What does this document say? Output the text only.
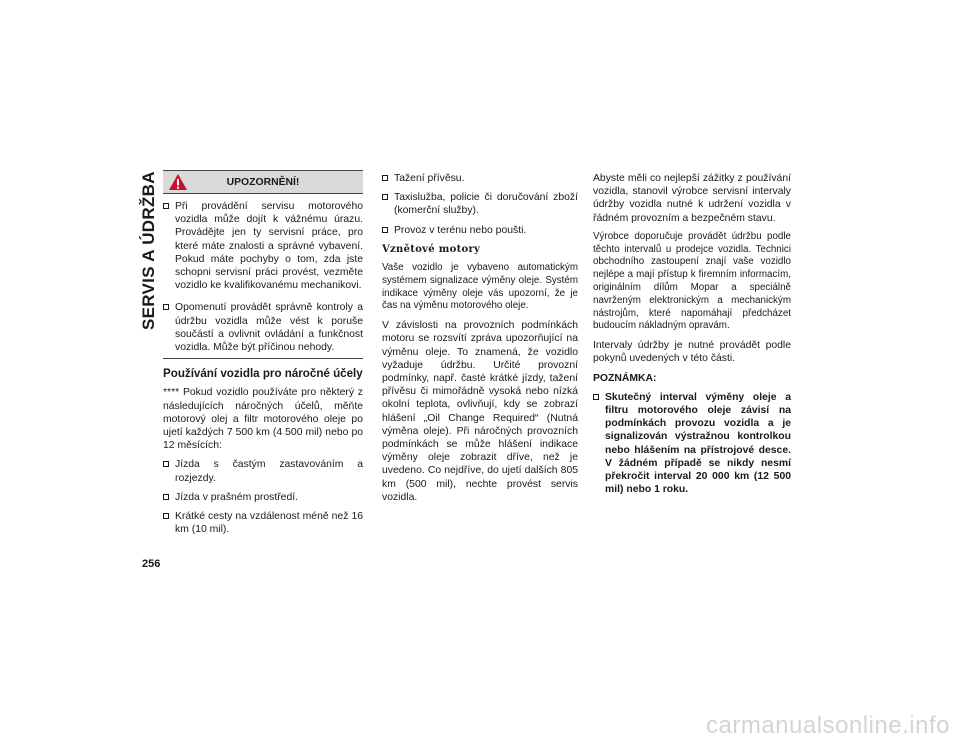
SERVIS A ÚDRŽBA
256
UPOZORNĚNÍ!
Při provádění servisu motorového vozidla může dojít k vážnému úrazu. Provádějte jen ty servisní práce, pro které máte znalosti a správné vybavení. Pokud máte pochyby o tom, zda jste schopni servisní práci provést, vezměte vozidlo ke kvalifikovanému mechanikovi.
Opomenutí provádět správně kontroly a údržbu vozidla může vést k poruše součástí a ovlivnit ovládání a funkčnost vozidla. Může být příčinou nehody.
Používání vozidla pro náročné účely

**** Pokud vozidlo používáte pro některý z následujících náročných účelů, měňte motorový olej a filtr motorového oleje po ujetí každých 7 500 km (4 500 mil) nebo po 12 měsících:

Jízda s častým zastavováním a rozjezdy.
Jízda v prašném prostředí.
Krátké cesty na vzdálenost méně než 16 km (10 mil).
Tažení přívěsu.
Taxislužba, policie či doručování zboží (komerční služby).
Provoz v terénu nebo poušti.
Vznětové motory

Vaše vozidlo je vybaveno automatickým systémem signalizace výměny oleje. Systém indikace výměny oleje vás upozorní, že je čas na výměnu motorového oleje.

V závislosti na provozních podmínkách motoru se rozsvítí zpráva upozorňující na výměnu oleje. To znamená, že vozidlo vyžaduje údržbu. Určité provozní podmínky, např. časté krátké jízdy, tažení přívěsu či mimořádně vysoká nebo nízká okolní teplota, ovlivňují, kdy se zobrazí hlášení „Oil Change Required“ (Nutná výměna oleje). Při náročných provozních podmínkách se může hlášení indikace výměny oleje zobrazit dříve, než je uvedeno. Co nejdříve, do ujetí dalších 805 km (500 mil), nechte provést servis vozidla.

Abyste měli co nejlepší zážitky z používání vozidla, stanovil výrobce servisní intervaly údržby vozidla nutné k udržení vozidla v řádném provozním a bezpečném stavu.

Výrobce doporučuje provádět údržbu podle těchto intervalů u prodejce vozidla. Technici obchodního zastoupení znají vaše vozidlo nejlépe a mají přístup k firemním informacím, originálním dílům Mopar a speciálně navrženým elektronickým a mechanickým nástrojům, které napomáhají předcházet budoucím nákladným opravám.

Intervaly údržby je nutné provádět podle pokynů uvedených v této části.

POZNÁMKA:
Skutečný interval výměny oleje a filtru motorového oleje závisí na podmínkách provozu vozidla a je signalizován výstražnou kontrolkou nebo hlášením na přístrojové desce. V žádném případě se nikdy nesmí překročit interval 20 000 km (12 500 mil) nebo 1 roku.
carmanualsonline.info
